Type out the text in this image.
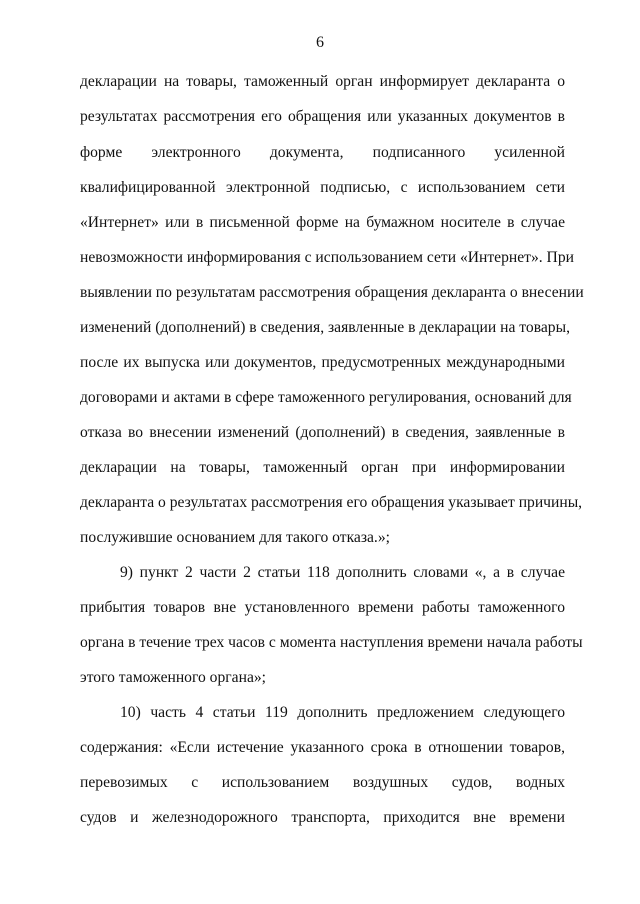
6
декларации на товары, таможенный орган информирует декларанта о
результатах рассмотрения его обращения или указанных документов в
форме электронного документа, подписанного усиленной
квалифицированной электронной подписью, с использованием сети
«Интернет» или в письменной форме на бумажном носителе в случае
невозможности информирования с использованием сети «Интернет». При
выявлении по результатам рассмотрения обращения декларанта о внесении
изменений (дополнений) в сведения, заявленные в декларации на товары,
после их выпуска или документов, предусмотренных международными
договорами и актами в сфере таможенного регулирования, оснований для
отказа во внесении изменений (дополнений) в сведения, заявленные в
декларации на товары, таможенный орган при информировании
декларанта о результатах рассмотрения его обращения указывает причины,
послужившие основанием для такого отказа.»;
9) пункт 2 части 2 статьи 118 дополнить словами «, а в случае
прибытия товаров вне установленного времени работы таможенного
органа в течение трех часов с момента наступления времени начала работы
этого таможенного органа»;
10) часть 4 статьи 119 дополнить предложением следующего
содержания: «Если истечение указанного срока в отношении товаров,
перевозимых с использованием воздушных судов, водных
судов и железнодорожного транспорта, приходится вне времени
